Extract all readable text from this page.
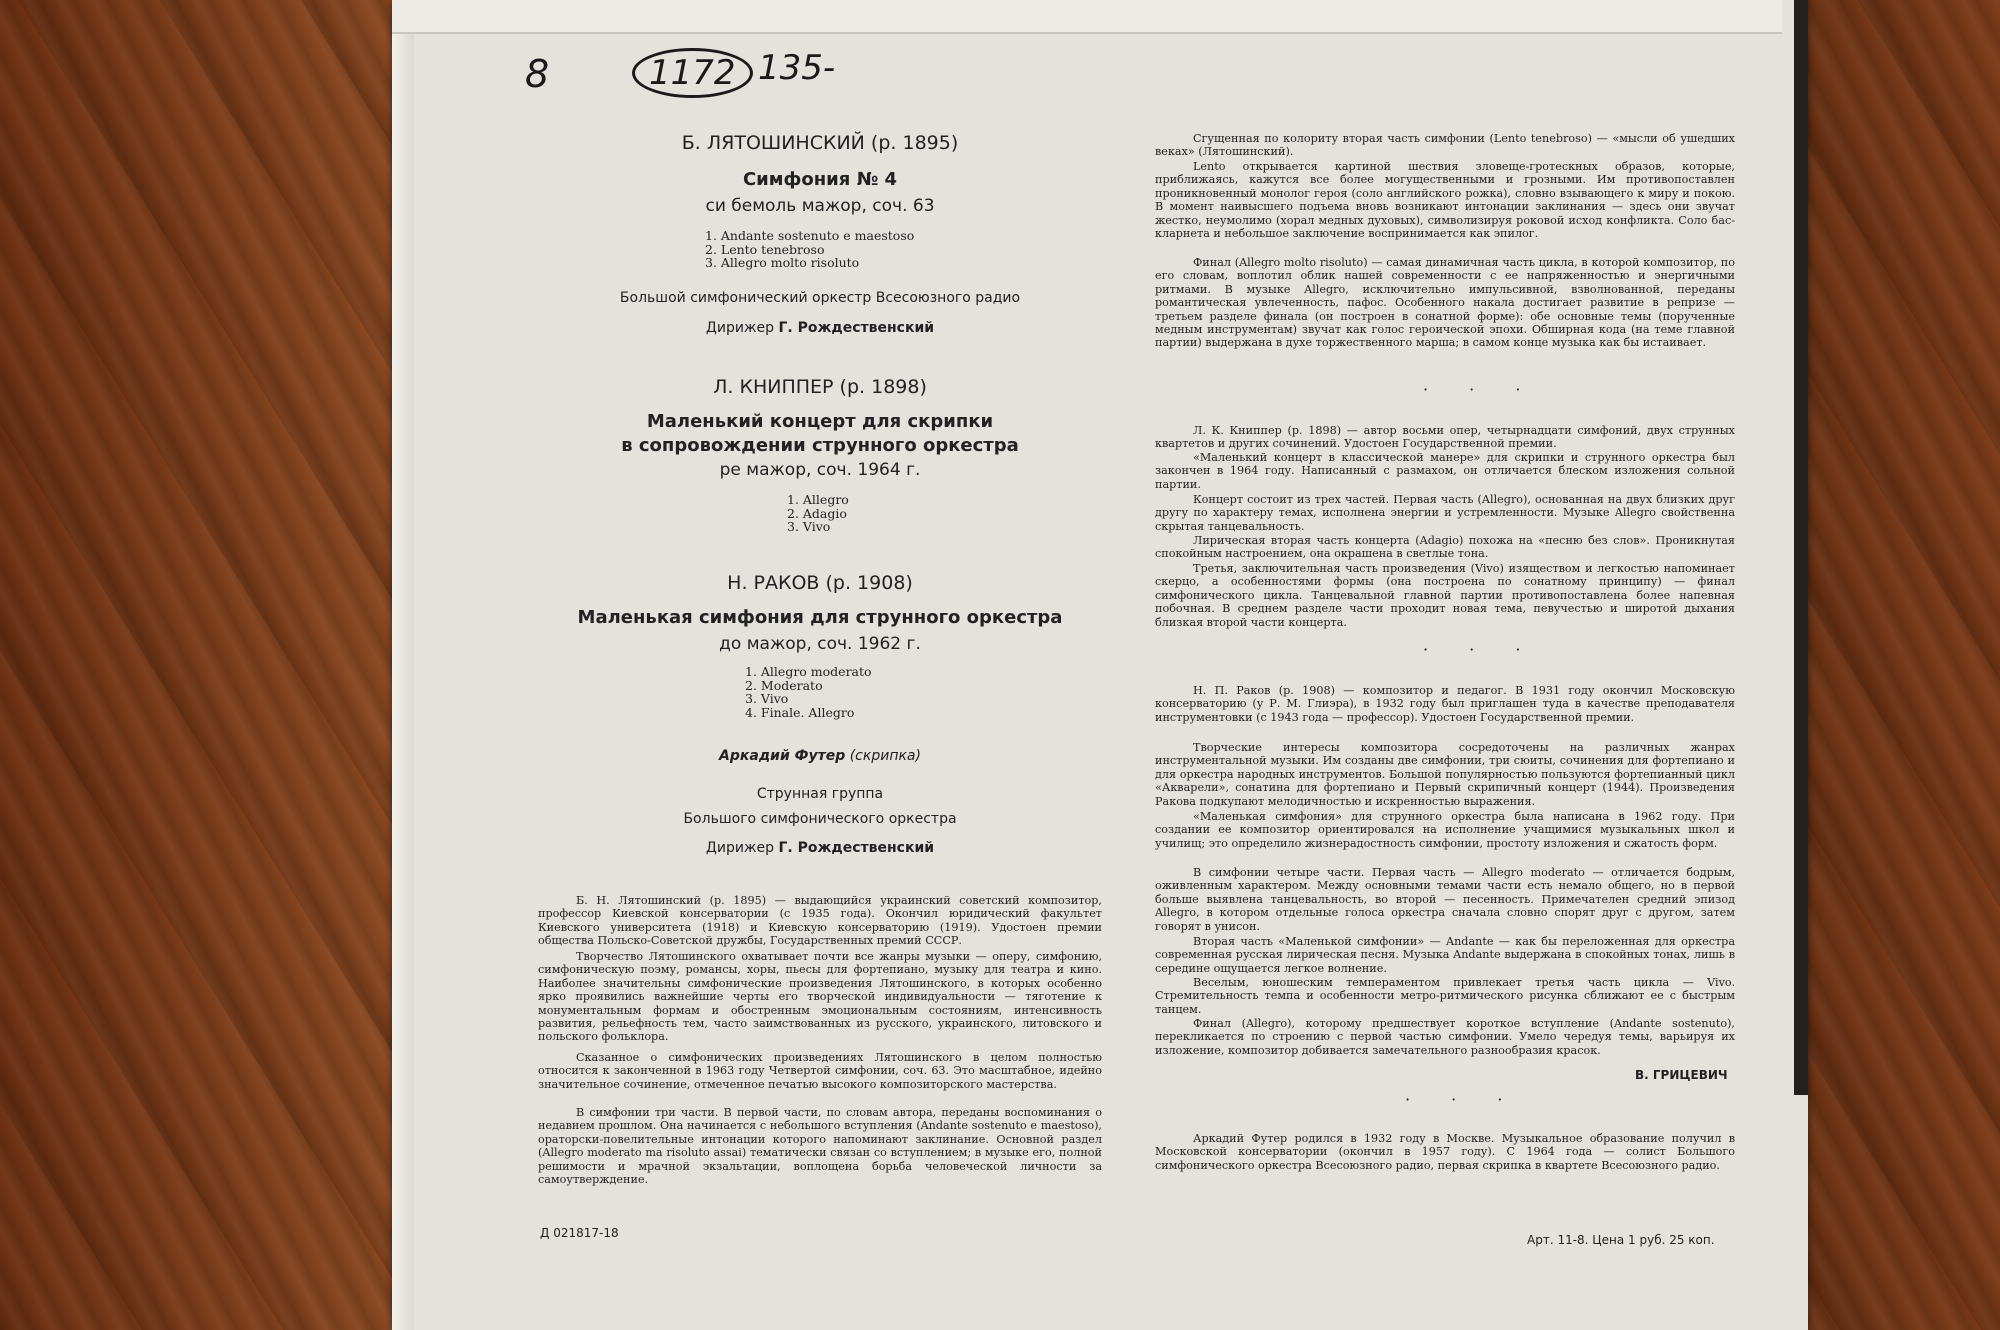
8	1172 135-
Б. ЛЯТОШИНСКИЙ (р. 1895)
Симфония № 4
си бемоль мажор, соч. 63
1. Andante sostenuto e maestoso
2. Lento tenebroso
3. Allegro molto risoluto
Большой симфонический оркестр Всесоюзного радио
Дирижер Г. Рождественский
Л. КНИППЕР (р. 1898)
Маленький концерт для скрипки
в сопровождении струнного оркестра
ре мажор, соч. 1964 г.
1. Allegro
2. Adagio
3. Vivo
Н. РАКОВ (р. 1908)
Маленькая симфония для струнного оркестра
до мажор, соч. 1962 г.
1. Allegro moderato
2. Moderato
3. Vivo
4. Finale. Allegro
Аркадий Футер (скрипка)
Струнная группа
Большого симфонического оркестра
Дирижер Г. Рождественский

Б. Н. Лятошинский (р. 1895) — выдающийся украинский советский композитор, профессор Киевской консерватории (с 1935 года). Окончил юридический факультет Киевского университета (1918) и Киевскую консерваторию (1919). Удостоен премии общества Польско-Советской дружбы, Государственных премий СССР.

Творчество Лятошинского охватывает почти все жанры музыки — оперу, симфонию, симфоническую поэму, романсы, хоры, пьесы для фортепиано, музыку для театра и кино. Наиболее значительны симфонические произведения Лятошинского, в которых особенно ярко проявились важнейшие черты его творческой индивидуальности — тяготение к монументальным формам и обостренным эмоциональным состояниям, интенсивность развития, рельефность тем, часто заимствованных из русского, украинского, литовского и польского фольклора.

Сказанное о симфонических произведениях Лятошинского в целом полностью относится к законченной в 1963 году Четвертой симфонии, соч. 63. Это масштабное, идейно значительное сочинение, отмеченное печатью высокого композиторского мастерства.

В симфонии три части. В первой части, по словам автора, переданы воспоминания о недавнем прошлом. Она начинается с небольшого вступления (Andante sostenuto e maestoso), ораторски-повелительные интонации которого напоминают заклинание. Основной раздел (Allegro moderato ma risoluto assai) тематически связан со вступлением; в музыке его, полной решимости и мрачной экзальтации, воплощена борьба человеческой личности за самоутверждение.

Д 021817-18

Сгущенная по колориту вторая часть симфонии (Lento tenebroso) — «мысли об ушедших веках» (Лятошинский).

Lento открывается картиной шествия зловеще-гротескных образов, которые, приближаясь, кажутся все более могущественными и грозными. Им противопоставлен проникновенный монолог героя (соло английского рожка), словно взывающего к миру и покою. В момент наивысшего подъема вновь возникают интонации заклинания — здесь они звучат жестко, неумолимо (хорал медных духовых), символизируя роковой исход конфликта. Соло бас-кларнета и небольшое заключение воспринимается как эпилог.

Финал (Allegro molto risoluto) — самая динамичная часть цикла, в которой композитор, по его словам, воплотил облик нашей современности с ее напряженностью и энергичными ритмами. В музыке Allegro, исключительно импульсивной, взволнованной, переданы романтическая увлеченность, пафос. Особенного накала достигает развитие в репризе — третьем разделе финала (он построен в сонатной форме): обе основные темы (порученные медным инструментам) звучат как голос героической эпохи. Обширная кода (на теме главной партии) выдержана в духе торжественного марша; в самом конце музыка как бы истаивает.

· · ·

Л. К. Книппер (р. 1898) — автор восьми опер, четырнадцати симфоний, двух струнных квартетов и других сочинений. Удостоен Государственной премии.

«Маленький концерт в классической манере» для скрипки и струнного оркестра был закончен в 1964 году. Написанный с размахом, он отличается блеском изложения сольной партии.

Концерт состоит из трех частей. Первая часть (Allegro), основанная на двух близких друг другу по характеру темах, исполнена энергии и устремленности. Музыке Allegro свойственна скрытая танцевальность.

Лирическая вторая часть концерта (Adagio) похожа на «песню без слов». Проникнутая спокойным настроением, она окрашена в светлые тона.

Третья, заключительная часть произведения (Vivo) изяществом и легкостью напоминает скерцо, а особенностями формы (она построена по сонатному принципу) — финал симфонического цикла. Танцевальной главной партии противопоставлена более напевная побочная. В среднем разделе части проходит новая тема, певучестью и широтой дыхания близкая второй части концерта.

· · ·

Н. П. Раков (р. 1908) — композитор и педагог. В 1931 году окончил Московскую консерваторию (у Р. М. Глиэра), в 1932 году был приглашен туда в качестве преподавателя инструментовки (с 1943 года — профессор). Удостоен Государственной премии.

Творческие интересы композитора сосредоточены на различных жанрах инструментальной музыки. Им созданы две симфонии, три сюиты, сочинения для фортепиано и для оркестра народных инструментов. Большой популярностью пользуются фортепианный цикл «Акварели», сонатина для фортепиано и Первый скрипичный концерт (1944). Произведения Ракова подкупают мелодичностью и искренностью выражения.

«Маленькая симфония» для струнного оркестра была написана в 1962 году. При создании ее композитор ориентировался на исполнение учащимися музыкальных школ и училищ; это определило жизнерадостность симфонии, простоту изложения и сжатость форм.

В симфонии четыре части. Первая часть — Allegro moderato — отличается бодрым, оживленным характером. Между основными темами части есть немало общего, но в первой больше выявлена танцевальность, во второй — песенность. Примечателен средний эпизод Allegro, в котором отдельные голоса оркестра сначала словно спорят друг с другом, затем говорят в унисон.

Вторая часть «Маленькой симфонии» — Andante — как бы переложенная для оркестра современная русская лирическая песня. Музыка Andante выдержана в спокойных тонах, лишь в середине ощущается легкое волнение.

Веселым, юношеским темпераментом привлекает третья часть цикла — Vivo. Стремительность темпа и особенности метро-ритмического рисунка сближают ее с быстрым танцем.

Финал (Allegro), которому предшествует короткое вступление (Andante sostenuto), перекликается по строению с первой частью симфонии. Умело чередуя темы, варьируя их изложение, композитор добивается замечательного разнообразия красок.

В. ГРИЦЕВИЧ
· · ·

Аркадий Футер родился в 1932 году в Москве. Музыкальное образование получил в Московской консерватории (окончил в 1957 году). С 1964 года — солист Большого симфонического оркестра Всесоюзного радио, первая скрипка в квартете Всесоюзного радио.

Арт. 11-8. Цена 1 руб. 25 коп.
